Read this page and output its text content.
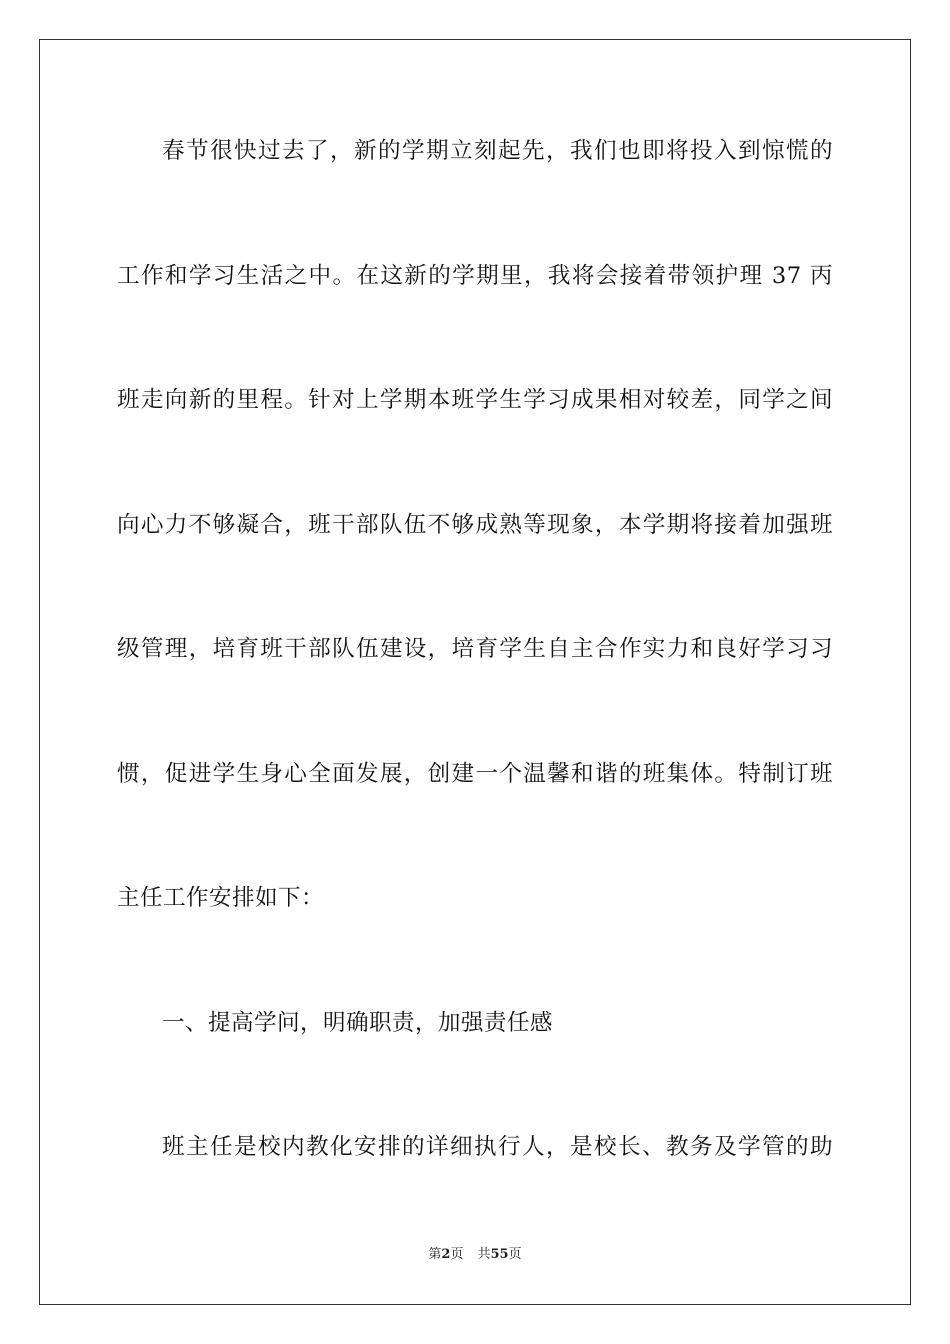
春节很快过去了，新的学期立刻起先，我们也即将投入到惊慌的
工作和学习生活之中。在这新的学期里，我将会接着带领护理 37 丙
班走向新的里程。针对上学期本班学生学习成果相对较差，同学之间
向心力不够凝合，班干部队伍不够成熟等现象，本学期将接着加强班
级管理，培育班干部队伍建设，培育学生自主合作实力和良好学习习
惯，促进学生身心全面发展，创建一个温馨和谐的班集体。特制订班
主任工作安排如下：
一、提高学问，明确职责，加强责任感
班主任是校内教化安排的详细执行人，是校长、教务及学管的助
第2页 共55页
